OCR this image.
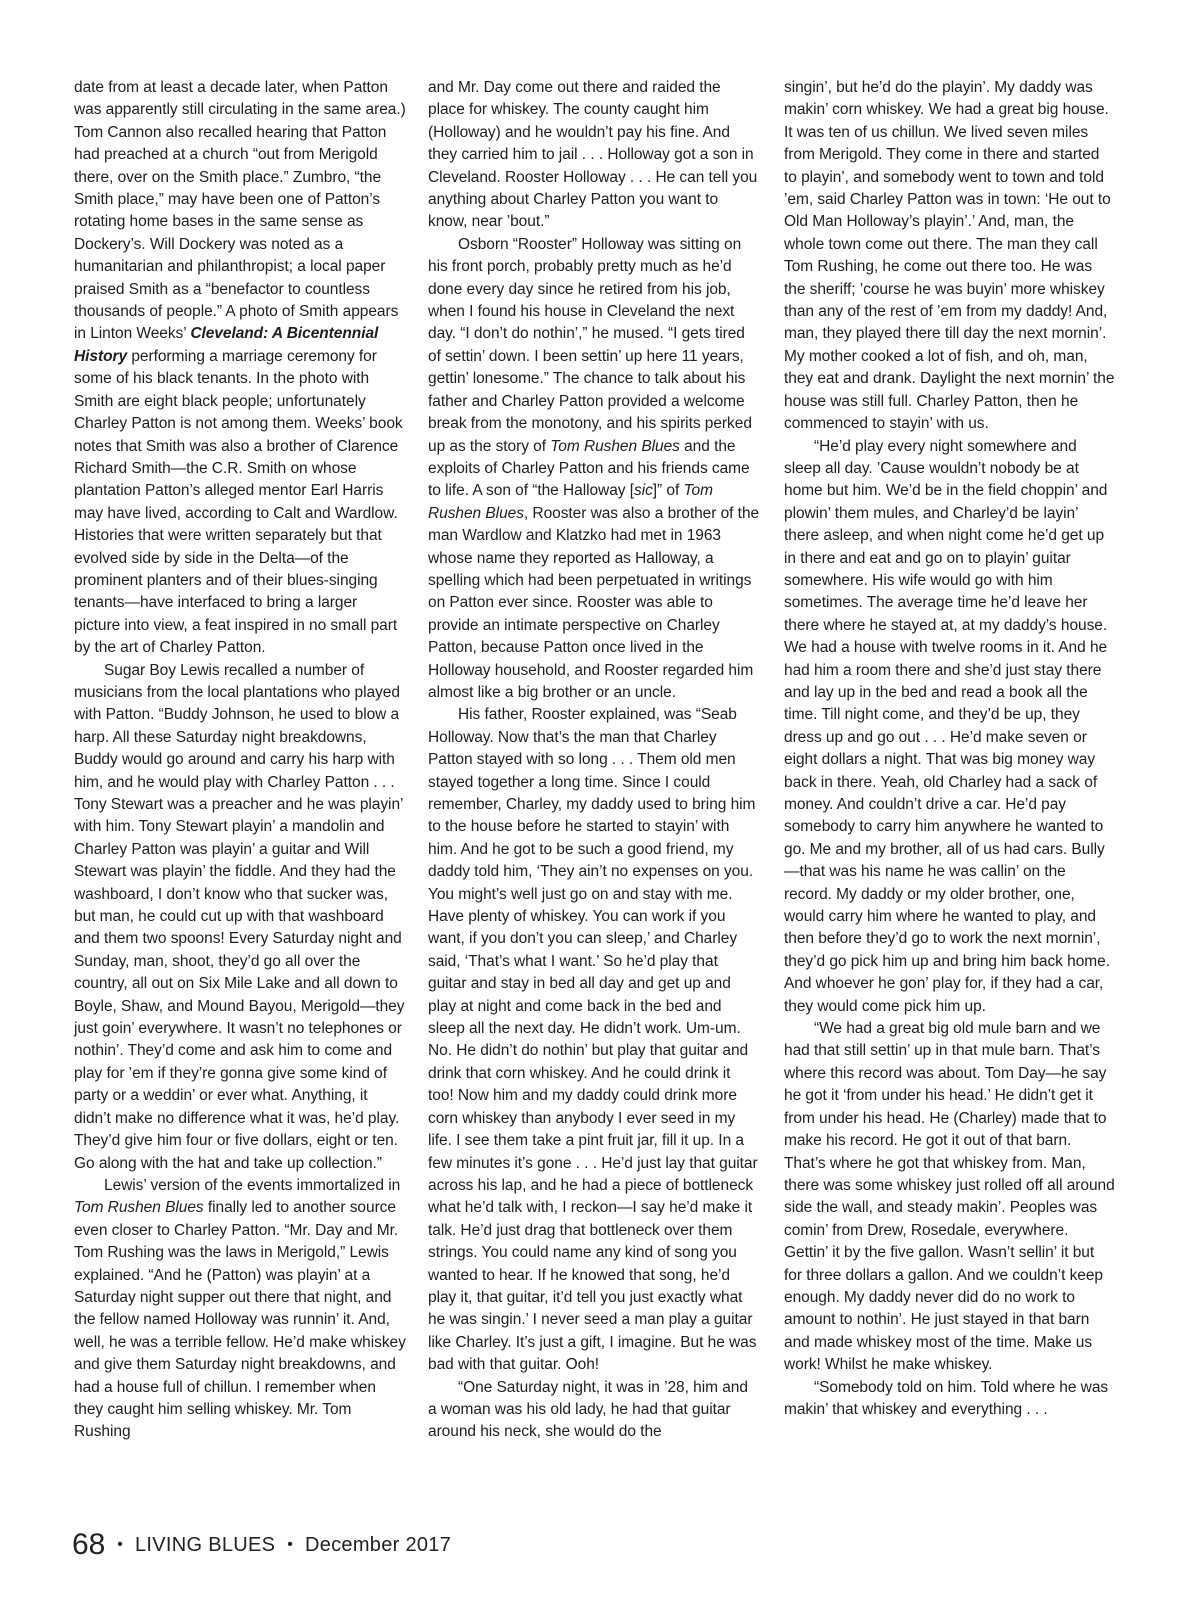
date from at least a decade later, when Patton was apparently still circulating in the same area.) Tom Cannon also recalled hearing that Patton had preached at a church “out from Merigold there, over on the Smith place.” Zumbro, “the Smith place,” may have been one of Patton’s rotating home bases in the same sense as Dockery’s. Will Dockery was noted as a humanitarian and philanthropist; a local paper praised Smith as a “benefactor to countless thousands of people.” A photo of Smith appears in Linton Weeks’ Cleveland: A Bicentennial History performing a marriage ceremony for some of his black tenants. In the photo with Smith are eight black people; unfortunately Charley Patton is not among them. Weeks’ book notes that Smith was also a brother of Clarence Richard Smith—the C.R. Smith on whose plantation Patton’s alleged mentor Earl Harris may have lived, according to Calt and Wardlow. Histories that were written separately but that evolved side by side in the Delta—of the prominent planters and of their blues-singing tenants—have interfaced to bring a larger picture into view, a feat inspired in no small part by the art of Charley Patton.

Sugar Boy Lewis recalled a number of musicians from the local plantations who played with Patton. “Buddy Johnson, he used to blow a harp. All these Saturday night breakdowns, Buddy would go around and carry his harp with him, and he would play with Charley Patton . . . Tony Stewart was a preacher and he was playin’ with him. Tony Stewart playin’ a mandolin and Charley Patton was playin’ a guitar and Will Stewart was playin’ the fiddle. And they had the washboard, I don’t know who that sucker was, but man, he could cut up with that washboard and them two spoons! Every Saturday night and Sunday, man, shoot, they’d go all over the country, all out on Six Mile Lake and all down to Boyle, Shaw, and Mound Bayou, Merigold—they just goin’ everywhere. It wasn’t no telephones or nothin’. They’d come and ask him to come and play for ’em if they’re gonna give some kind of party or a weddin’ or ever what. Anything, it didn’t make no difference what it was, he’d play. They’d give him four or five dollars, eight or ten. Go along with the hat and take up collection.”

Lewis’ version of the events immortalized in Tom Rushen Blues finally led to another source even closer to Charley Patton. “Mr. Day and Mr. Tom Rushing was the laws in Merigold,” Lewis explained. “And he (Patton) was playin’ at a Saturday night supper out there that night, and the fellow named Holloway was runnin’ it. And, well, he was a terrible fellow. He’d make whiskey and give them Saturday night breakdowns, and had a house full of chillun. I remember when they caught him selling whiskey. Mr. Tom Rushing

and Mr. Day come out there and raided the place for whiskey. The county caught him (Holloway) and he wouldn’t pay his fine. And they carried him to jail . . . Holloway got a son in Cleveland. Rooster Holloway . . . He can tell you anything about Charley Patton you want to know, near ’bout.”

Osborn “Rooster” Holloway was sitting on his front porch, probably pretty much as he’d done every day since he retired from his job, when I found his house in Cleveland the next day. “I don’t do nothin’,” he mused. “I gets tired of settin’ down. I been settin’ up here 11 years, gettin’ lonesome.” The chance to talk about his father and Charley Patton provided a welcome break from the monotony, and his spirits perked up as the story of Tom Rushen Blues and the exploits of Charley Patton and his friends came to life. A son of “the Halloway [sic]” of Tom Rushen Blues, Rooster was also a brother of the man Wardlow and Klatzko had met in 1963 whose name they reported as Halloway, a spelling which had been perpetuated in writings on Patton ever since. Rooster was able to provide an intimate perspective on Charley Patton, because Patton once lived in the Holloway household, and Rooster regarded him almost like a big brother or an uncle.

His father, Rooster explained, was “Seab Holloway. Now that’s the man that Charley Patton stayed with so long . . . Them old men stayed together a long time. Since I could remember, Charley, my daddy used to bring him to the house before he started to stayin’ with him. And he got to be such a good friend, my daddy told him, ‘They ain’t no expenses on you. You might’s well just go on and stay with me. Have plenty of whiskey. You can work if you want, if you don’t you can sleep,’ and Charley said, ‘That’s what I want.’ So he’d play that guitar and stay in bed all day and get up and play at night and come back in the bed and sleep all the next day. He didn’t work. Um-um. No. He didn’t do nothin’ but play that guitar and drink that corn whiskey. And he could drink it too! Now him and my daddy could drink more corn whiskey than anybody I ever seed in my life. I see them take a pint fruit jar, fill it up. In a few minutes it’s gone . . . He’d just lay that guitar across his lap, and he had a piece of bottleneck what he’d talk with, I reckon—I say he’d make it talk. He’d just drag that bottleneck over them strings. You could name any kind of song you wanted to hear. If he knowed that song, he’d play it, that guitar, it’d tell you just exactly what he was singin.’ I never seed a man play a guitar like Charley. It’s just a gift, I imagine. But he was bad with that guitar. Ooh!

“One Saturday night, it was in ’28, him and a woman was his old lady, he had that guitar around his neck, she would do the

singin’, but he’d do the playin’. My daddy was makin’ corn whiskey. We had a great big house. It was ten of us chillun. We lived seven miles from Merigold. They come in there and started to playin’, and somebody went to town and told ’em, said Charley Patton was in town: ‘He out to Old Man Holloway’s playin’.’ And, man, the whole town come out there. The man they call Tom Rushing, he come out there too. He was the sheriff; ’course he was buyin’ more whiskey than any of the rest of ’em from my daddy! And, man, they played there till day the next mornin’. My mother cooked a lot of fish, and oh, man, they eat and drank. Daylight the next mornin’ the house was still full. Charley Patton, then he commenced to stayin’ with us.

“He’d play every night somewhere and sleep all day. ’Cause wouldn’t nobody be at home but him. We’d be in the field choppin’ and plowin’ them mules, and Charley’d be layin’ there asleep, and when night come he’d get up in there and eat and go on to playin’ guitar somewhere. His wife would go with him sometimes. The average time he’d leave her there where he stayed at, at my daddy’s house. We had a house with twelve rooms in it. And he had him a room there and she’d just stay there and lay up in the bed and read a book all the time. Till night come, and they’d be up, they dress up and go out . . . He’d make seven or eight dollars a night. That was big money way back in there. Yeah, old Charley had a sack of money. And couldn’t drive a car. He’d pay somebody to carry him anywhere he wanted to go. Me and my brother, all of us had cars. Bully—that was his name he was callin’ on the record. My daddy or my older brother, one, would carry him where he wanted to play, and then before they’d go to work the next mornin’, they’d go pick him up and bring him back home. And whoever he gon’ play for, if they had a car, they would come pick him up.

“We had a great big old mule barn and we had that still settin’ up in that mule barn. That’s where this record was about. Tom Day—he say he got it ‘from under his head.’ He didn’t get it from under his head. He (Charley) made that to make his record. He got it out of that barn. That’s where he got that whiskey from. Man, there was some whiskey just rolled off all around side the wall, and steady makin’. Peoples was comin’ from Drew, Rosedale, everywhere. Gettin’ it by the five gallon. Wasn’t sellin’ it but for three dollars a gallon. And we couldn’t keep enough. My daddy never did do no work to amount to nothin’. He just stayed in that barn and made whiskey most of the time. Make us work! Whilst he make whiskey.

“Somebody told on him. Told where he was makin’ that whiskey and everything . . .

68 • LIVING BLUES • December 2017
